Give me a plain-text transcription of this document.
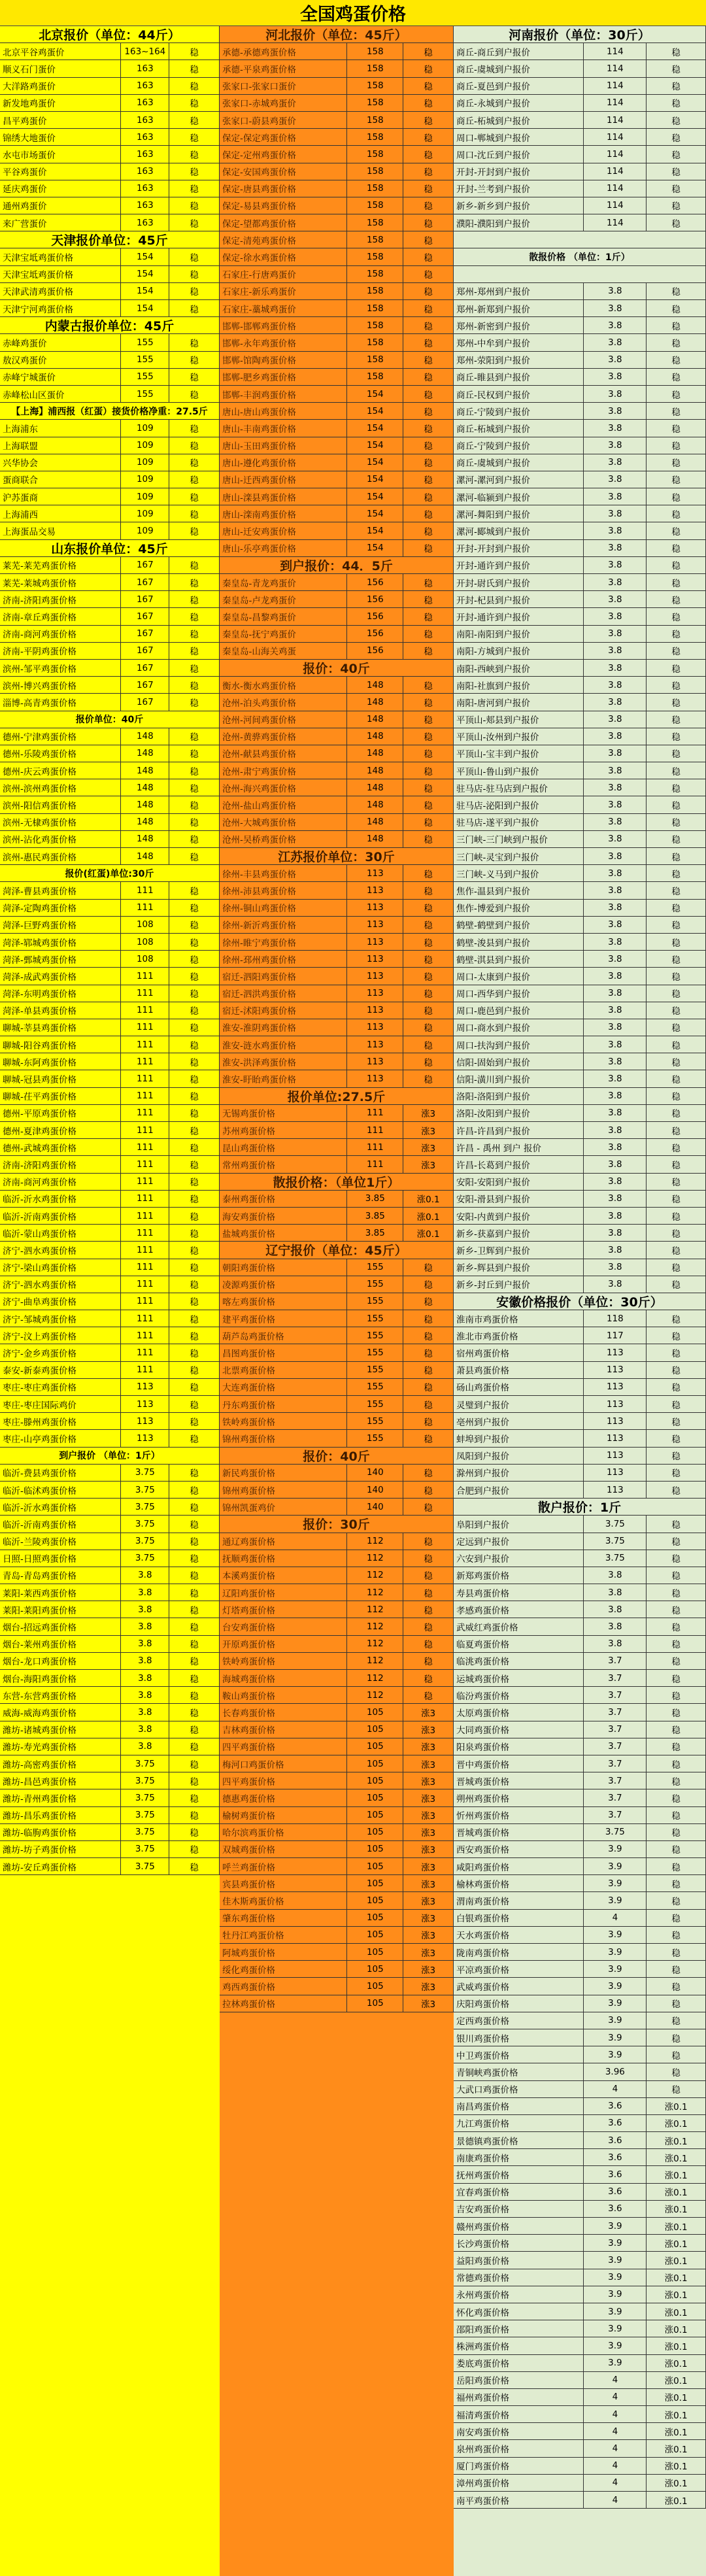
全国鸡蛋价格
北京报价（单位：44斤）
北京平谷鸡蛋价	163~164	稳
顺义石门蛋价	163	稳
大洋路鸡蛋价	163	稳
新发地鸡蛋价	163	稳
昌平鸡蛋价	163	稳
锦绣大地蛋价	163	稳
水屯市场蛋价	163	稳
平谷鸡蛋价	163	稳
延庆鸡蛋价	163	稳
通州鸡蛋价	163	稳
来广营蛋价	163	稳
天津报价单位：45斤
天津宝坻鸡蛋价格	154	稳
天津宝坻鸡蛋价格	154	稳
天津武清鸡蛋价格	154	稳
天津宁河鸡蛋价格	154	稳
内蒙古报价单位：45斤
赤峰鸡蛋价	155	稳
敖汉鸡蛋价	155	稳
赤峰宁城蛋价	155	稳
赤峰松山区蛋价	155	稳
【上海】浦西报（红蛋）接货价格净重：27.5斤
上海浦东	109	稳
上海联盟	109	稳
兴华协会	109	稳
蛋商联合	109	稳
沪苏蛋商	109	稳
上海浦西	109	稳
上海蛋品交易	109	稳
山东报价单位：45斤
莱芜-莱芜鸡蛋价格	167	稳
莱芜-莱城鸡蛋价格	167	稳
济南-济阳鸡蛋价格	167	稳
济南-章丘鸡蛋价格	167	稳
济南-商河鸡蛋价格	167	稳
济南-平阴鸡蛋价格	167	稳
滨州-邹平鸡蛋价格	167	稳
滨州-博兴鸡蛋价格	167	稳
淄博-高青鸡蛋价格	167	稳
报价单位：40斤
德州-宁津鸡蛋价格	148	稳
德州-乐陵鸡蛋价格	148	稳
德州-庆云鸡蛋价格	148	稳
滨州-滨州鸡蛋价格	148	稳
滨州-阳信鸡蛋价格	148	稳
滨州-无棣鸡蛋价格	148	稳
滨州-沾化鸡蛋价格	148	稳
滨州-惠民鸡蛋价格	148	稳
报价(红蛋)单位:30斤
菏泽-曹县鸡蛋价格	111	稳
菏泽-定陶鸡蛋价格	111	稳
菏泽-巨野鸡蛋价格	108	稳
菏泽-郓城鸡蛋价格	108	稳
菏泽-鄄城鸡蛋价格	108	稳
菏泽-成武鸡蛋价格	111	稳
菏泽-东明鸡蛋价格	111	稳
菏泽-单县鸡蛋价格	111	稳
聊城-莘县鸡蛋价格	111	稳
聊城-阳谷鸡蛋价格	111	稳
聊城-东阿鸡蛋价格	111	稳
聊城-冠县鸡蛋价格	111	稳
聊城-茌平鸡蛋价格	111	稳
德州-平原鸡蛋价格	111	稳
德州-夏津鸡蛋价格	111	稳
德州-武城鸡蛋价格	111	稳
济南-济阳鸡蛋价格	111	稳
济南-商河鸡蛋价格	111	稳
临沂-沂水鸡蛋价格	111	稳
临沂-沂南鸡蛋价格	111	稳
临沂-蒙山鸡蛋价格	111	稳
济宁-泗水鸡蛋价格	111	稳
济宁-梁山鸡蛋价格	111	稳
济宁-泗水鸡蛋价格	111	稳
济宁-曲阜鸡蛋价格	111	稳
济宁-邹城鸡蛋价格	111	稳
济宁-汶上鸡蛋价格	111	稳
济宁-金乡鸡蛋价格	111	稳
泰安-新泰鸡蛋价格	111	稳
枣庄-枣庄鸡蛋价格	113	稳
枣庄-枣庄国际鸡价	113	稳
枣庄-滕州鸡蛋价格	113	稳
枣庄-山亭鸡蛋价格	113	稳
到户报价 （单位：1斤）
临沂-费县鸡蛋价格	3.75	稳
临沂-临沭鸡蛋价格	3.75	稳
临沂-沂水鸡蛋价格	3.75	稳
临沂-沂南鸡蛋价格	3.75	稳
临沂-兰陵鸡蛋价格	3.75	稳
日照-日照鸡蛋价格	3.75	稳
青岛-青岛鸡蛋价格	3.8	稳
莱阳-莱西鸡蛋价格	3.8	稳
莱阳-莱阳鸡蛋价格	3.8	稳
烟台-招远鸡蛋价格	3.8	稳
烟台-莱州鸡蛋价格	3.8	稳
烟台-龙口鸡蛋价格	3.8	稳
烟台-海阳鸡蛋价格	3.8	稳
东营-东营鸡蛋价格	3.8	稳
威海-威海鸡蛋价格	3.8	稳
潍坊-诸城鸡蛋价格	3.8	稳
潍坊-寿光鸡蛋价格	3.8	稳
潍坊-高密鸡蛋价格	3.75	稳
潍坊-昌邑鸡蛋价格	3.75	稳
潍坊-青州鸡蛋价格	3.75	稳
潍坊-昌乐鸡蛋价格	3.75	稳
潍坊-临朐鸡蛋价格	3.75	稳
潍坊-坊子鸡蛋价格	3.75	稳
潍坊-安丘鸡蛋价格	3.75	稳
河北报价（单位：45斤）
承德-承德鸡蛋价格	158	稳
承德-平泉鸡蛋价格	158	稳
张家口-张家口蛋价	158	稳
张家口-赤城鸡蛋价	158	稳
张家口-蔚县鸡蛋价	158	稳
保定-保定鸡蛋价格	158	稳
保定-定州鸡蛋价格	158	稳
保定-安国鸡蛋价格	158	稳
保定-唐县鸡蛋价格	158	稳
保定-易县鸡蛋价格	158	稳
保定-望都鸡蛋价格	158	稳
保定-清苑鸡蛋价格	158	稳
保定-徐水鸡蛋价格	158	稳
石家庄-行唐鸡蛋价	158	稳
石家庄-新乐鸡蛋价	158	稳
石家庄-藁城鸡蛋价	158	稳
邯郸-邯郸鸡蛋价格	158	稳
邯郸-永年鸡蛋价格	158	稳
邯郸-馆陶鸡蛋价格	158	稳
邯郸-肥乡鸡蛋价格	158	稳
邯郸-丰润鸡蛋价格	154	稳
唐山-唐山鸡蛋价格	154	稳
唐山-丰南鸡蛋价格	154	稳
唐山-玉田鸡蛋价格	154	稳
唐山-遵化鸡蛋价格	154	稳
唐山-迁西鸡蛋价格	154	稳
唐山-滦县鸡蛋价格	154	稳
唐山-滦南鸡蛋价格	154	稳
唐山-迁安鸡蛋价格	154	稳
唐山-乐亭鸡蛋价格	154	稳
到户报价：44．5斤
秦皇岛-青龙鸡蛋价	156	稳
秦皇岛-卢龙鸡蛋价	156	稳
秦皇岛-昌黎鸡蛋价	156	稳
秦皇岛-抚宁鸡蛋价	156	稳
秦皇岛-山海关鸡蛋	156	稳
报价：40斤
衡水-衡水鸡蛋价格	148	稳
沧州-泊头鸡蛋价格	148	稳
沧州-河间鸡蛋价格	148	稳
沧州-黄骅鸡蛋价格	148	稳
沧州-献县鸡蛋价格	148	稳
沧州-肃宁鸡蛋价格	148	稳
沧州-海兴鸡蛋价格	148	稳
沧州-盐山鸡蛋价格	148	稳
沧州-大城鸡蛋价格	148	稳
沧州-吴桥鸡蛋价格	148	稳
江苏报价单位：30斤
徐州-丰县鸡蛋价格	113	稳
徐州-沛县鸡蛋价格	113	稳
徐州-铜山鸡蛋价格	113	稳
徐州-新沂鸡蛋价格	113	稳
徐州-睢宁鸡蛋价格	113	稳
徐州-邳州鸡蛋价格	113	稳
宿迁-泗阳鸡蛋价格	113	稳
宿迁-泗洪鸡蛋价格	113	稳
宿迁-沭阳鸡蛋价格	113	稳
淮安-淮阴鸡蛋价格	113	稳
淮安-涟水鸡蛋价格	113	稳
淮安-洪泽鸡蛋价格	113	稳
淮安-盱眙鸡蛋价格	113	稳
报价单位:27.5斤
无锡鸡蛋价格	111	涨3
苏州鸡蛋价格	111	涨3
昆山鸡蛋价格	111	涨3
常州鸡蛋价格	111	涨3
散报价格：（单位1斤）
泰州鸡蛋价格	3.85	涨0.1
海安鸡蛋价格	3.85	涨0.1
盐城鸡蛋价格	3.85	涨0.1
辽宁报价（单位：45斤）
朝阳鸡蛋价格	155	稳
凌源鸡蛋价格	155	稳
喀左鸡蛋价格	155	稳
建平鸡蛋价格	155	稳
葫芦岛鸡蛋价格	155	稳
昌图鸡蛋价格	155	稳
北票鸡蛋价格	155	稳
大连鸡蛋价格	155	稳
丹东鸡蛋价格	155	稳
铁岭鸡蛋价格	155	稳
锦州鸡蛋价格	155	稳
报价：40斤
新民鸡蛋价格	140	稳
锦州鸡蛋价格	140	稳
锦州凯蛋鸡价	140	稳
报价：30斤
通辽鸡蛋价格	112	稳
抚顺鸡蛋价格	112	稳
本溪鸡蛋价格	112	稳
辽阳鸡蛋价格	112	稳
灯塔鸡蛋价格	112	稳
台安鸡蛋价格	112	稳
开原鸡蛋价格	112	稳
铁岭鸡蛋价格	112	稳
海城鸡蛋价格	112	稳
鞍山鸡蛋价格	112	稳
长春鸡蛋价格	105	涨3
吉林鸡蛋价格	105	涨3
四平鸡蛋价格	105	涨3
梅河口鸡蛋价格	105	涨3
四平鸡蛋价格	105	涨3
德惠鸡蛋价格	105	涨3
榆树鸡蛋价格	105	涨3
哈尔滨鸡蛋价格	105	涨3
双城鸡蛋价格	105	涨3
呼兰鸡蛋价格	105	涨3
宾县鸡蛋价格	105	涨3
佳木斯鸡蛋价格	105	涨3
肇东鸡蛋价格	105	涨3
牡丹江鸡蛋价格	105	涨3
阿城鸡蛋价格	105	涨3
绥化鸡蛋价格	105	涨3
鸡西鸡蛋价格	105	涨3
拉林鸡蛋价格	105	涨3
河南报价（单位：30斤）
商丘-商丘到户报价	114	稳
商丘-虞城到户报价	114	稳
商丘-夏邑到户报价	114	稳
商丘-永城到户报价	114	稳
商丘-柘城到户报价	114	稳
周口-郸城到户报价	114	稳
周口-沈丘到户报价	114	稳
开封-开封到户报价	114	稳
开封-兰考到户报价	114	稳
新乡-新乡到户报价	114	稳
濮阳-濮阳到户报价	114	稳
散报价格 （单位：1斤）
郑州-郑州到户报价	3.8	稳
郑州-新郑到户报价	3.8	稳
郑州-新密到户报价	3.8	稳
郑州-中牟到户报价	3.8	稳
郑州-荥阳到户报价	3.8	稳
商丘-睢县到户报价	3.8	稳
商丘-民权到户报价	3.8	稳
商丘-宁陵到户报价	3.8	稳
商丘-柘城到户报价	3.8	稳
商丘-宁陵到户报价	3.8	稳
商丘-虞城到户报价	3.8	稳
漯河-漯河到户报价	3.8	稳
漯河-临颍到户报价	3.8	稳
漯河-舞阳到户报价	3.8	稳
漯河-郾城到户报价	3.8	稳
开封-开封到户报价	3.8	稳
开封-通许到户报价	3.8	稳
开封-尉氏到户报价	3.8	稳
开封-杞县到户报价	3.8	稳
开封-通许到户报价	3.8	稳
南阳-南阳到户报价	3.8	稳
南阳-方城到户报价	3.8	稳
南阳-西峡到户报价	3.8	稳
南阳-社旗到户报价	3.8	稳
南阳-唐河到户报价	3.8	稳
平顶山-郏县到户报价	3.8	稳
平顶山-汝州到户报价	3.8	稳
平顶山-宝丰到户报价	3.8	稳
平顶山-鲁山到户报价	3.8	稳
驻马店-驻马店到户报价	3.8	稳
驻马店-泌阳到户报价	3.8	稳
驻马店-遂平到户报价	3.8	稳
三门峡-三门峡到户报价	3.8	稳
三门峡-灵宝到户报价	3.8	稳
三门峡-义马到户报价	3.8	稳
焦作-温县到户报价	3.8	稳
焦作-博爱到户报价	3.8	稳
鹤壁-鹤壁到户报价	3.8	稳
鹤壁-浚县到户报价	3.8	稳
鹤壁-淇县到户报价	3.8	稳
周口-太康到户报价	3.8	稳
周口-西华到户报价	3.8	稳
周口-鹿邑到户报价	3.8	稳
周口-商水到户报价	3.8	稳
周口-扶沟到户报价	3.8	稳
信阳-固始到户报价	3.8	稳
信阳-潢川到户报价	3.8	稳
洛阳-洛阳到户报价	3.8	稳
洛阳-汝阳到户报价	3.8	稳
许昌-许昌到户报价	3.8	稳
许昌 - 禹州 到户 报价	3.8	稳
许昌-长葛到户报价	3.8	稳
安阳-安阳到户报价	3.8	稳
安阳-滑县到户报价	3.8	稳
安阳-内黄到户报价	3.8	稳
新乡-获嘉到户报价	3.8	稳
新乡-卫辉到户报价	3.8	稳
新乡-辉县到户报价	3.8	稳
新乡-封丘到户报价	3.8	稳
安徽价格报价（单位：30斤）
淮南市鸡蛋价格	118	稳
淮北市鸡蛋价格	117	稳
宿州鸡蛋价格	113	稳
萧县鸡蛋价格	113	稳
砀山鸡蛋价格	113	稳
灵璧到户报价	113	稳
亳州到户报价	113	稳
蚌埠到户报价	113	稳
凤阳到户报价	113	稳
滁州到户报价	113	稳
合肥到户报价	113	稳
散户报价：1斤
阜阳到户报价	3.75	稳
定远到户报价	3.75	稳
六安到户报价	3.75	稳
新郑鸡蛋价格	3.8	稳
寿县鸡蛋价格	3.8	稳
孝感鸡蛋价格	3.8	稳
武威红鸡蛋价格	3.8	稳
临夏鸡蛋价格	3.8	稳
临洮鸡蛋价格	3.7	稳
运城鸡蛋价格	3.7	稳
临汾鸡蛋价格	3.7	稳
太原鸡蛋价格	3.7	稳
大同鸡蛋价格	3.7	稳
阳泉鸡蛋价格	3.7	稳
晋中鸡蛋价格	3.7	稳
晋城鸡蛋价格	3.7	稳
朔州鸡蛋价格	3.7	稳
忻州鸡蛋价格	3.7	稳
晋城鸡蛋价格	3.75	稳
西安鸡蛋价格	3.9	稳
咸阳鸡蛋价格	3.9	稳
榆林鸡蛋价格	3.9	稳
渭南鸡蛋价格	3.9	稳
白银鸡蛋价格	4	稳
天水鸡蛋价格	3.9	稳
陇南鸡蛋价格	3.9	稳
平凉鸡蛋价格	3.9	稳
武威鸡蛋价格	3.9	稳
庆阳鸡蛋价格	3.9	稳
定西鸡蛋价格	3.9	稳
银川鸡蛋价格	3.9	稳
中卫鸡蛋价格	3.9	稳
青铜峡鸡蛋价格	3.96	稳
大武口鸡蛋价格	4	稳
南昌鸡蛋价格	3.6	涨0.1
九江鸡蛋价格	3.6	涨0.1
景德镇鸡蛋价格	3.6	涨0.1
南康鸡蛋价格	3.6	涨0.1
抚州鸡蛋价格	3.6	涨0.1
宜春鸡蛋价格	3.6	涨0.1
吉安鸡蛋价格	3.6	涨0.1
赣州鸡蛋价格	3.9	涨0.1
长沙鸡蛋价格	3.9	涨0.1
益阳鸡蛋价格	3.9	涨0.1
常德鸡蛋价格	3.9	涨0.1
永州鸡蛋价格	3.9	涨0.1
怀化鸡蛋价格	3.9	涨0.1
邵阳鸡蛋价格	3.9	涨0.1
株洲鸡蛋价格	3.9	涨0.1
娄底鸡蛋价格	3.9	涨0.1
岳阳鸡蛋价格	4	涨0.1
福州鸡蛋价格	4	涨0.1
福清鸡蛋价格	4	涨0.1
南安鸡蛋价格	4	涨0.1
泉州鸡蛋价格	4	涨0.1
厦门鸡蛋价格	4	涨0.1
漳州鸡蛋价格	4	涨0.1
南平鸡蛋价格	4	涨0.1
